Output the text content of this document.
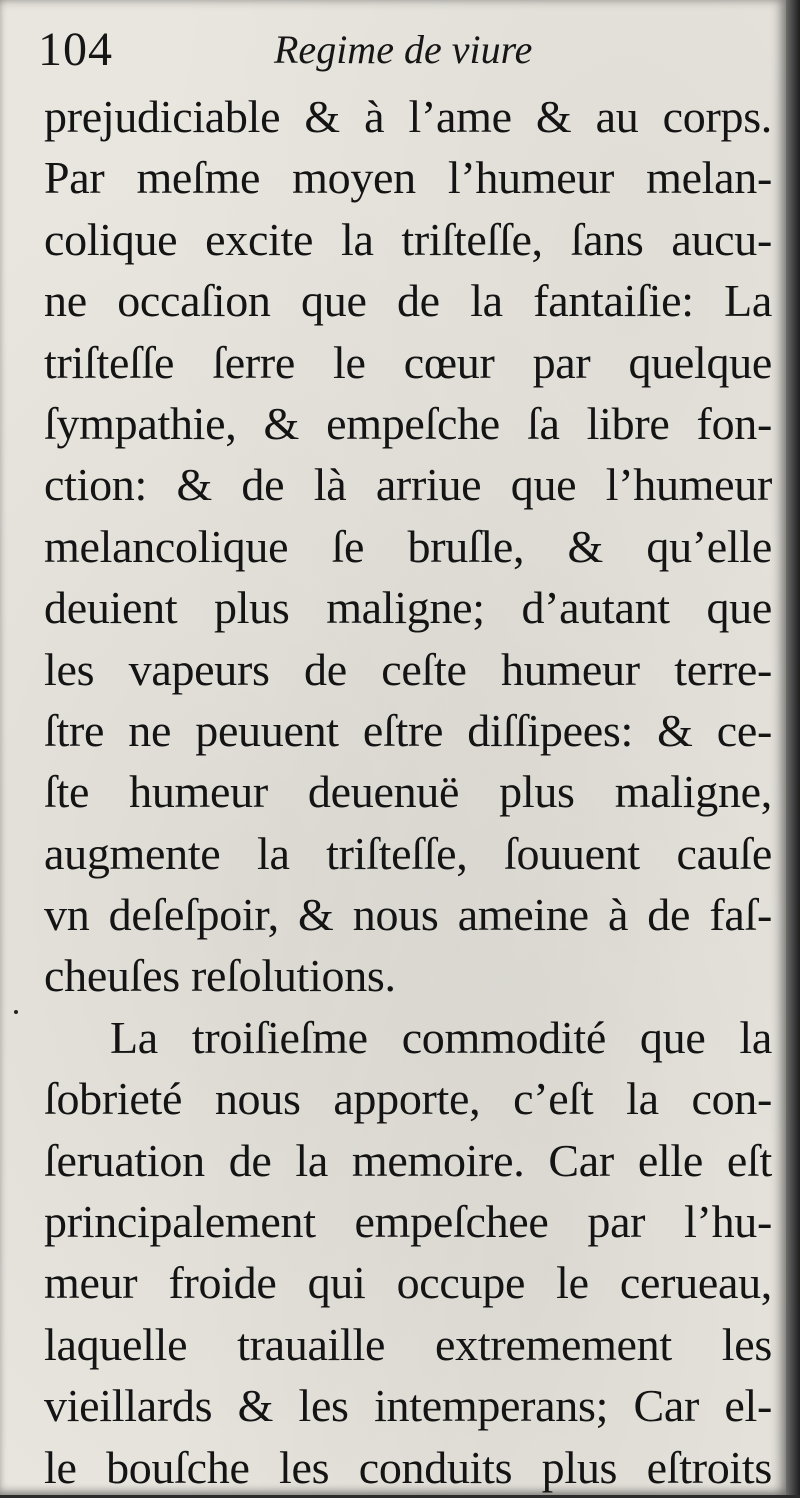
104	Regime de viure
prejudiciable & à l’ame & au corps.
Par meſme moyen l’humeur melan-
colique excite la triſteſſe, ſans aucu-
ne occaſion que de la fantaiſie: La
triſteſſe ſerre le cœur par quelque
ſympathie, & empeſche ſa libre fon-
ction: & de là arriue que l’humeur
melancolique ſe bruſle, & qu’elle
deuient plus maligne; d’autant que
les vapeurs de ceſte humeur terre-
ſtre ne peuuent eſtre diſſipees: & ce-
ſte humeur deuenuë plus maligne,
augmente la triſteſſe, ſouuent cauſe
vn deſeſpoir, & nous ameine à de faſ-
cheuſes reſolutions.
La troiſieſme commodité que la
ſobrieté nous apporte, c’eſt la con-
ſeruation de la memoire. Car elle eſt
principalement empeſchee par l’hu-
meur froide qui occupe le cerueau,
laquelle trauaille extremement les
vieillards & les intemperans; Car el-
le bouſche les conduits plus eſtroits
